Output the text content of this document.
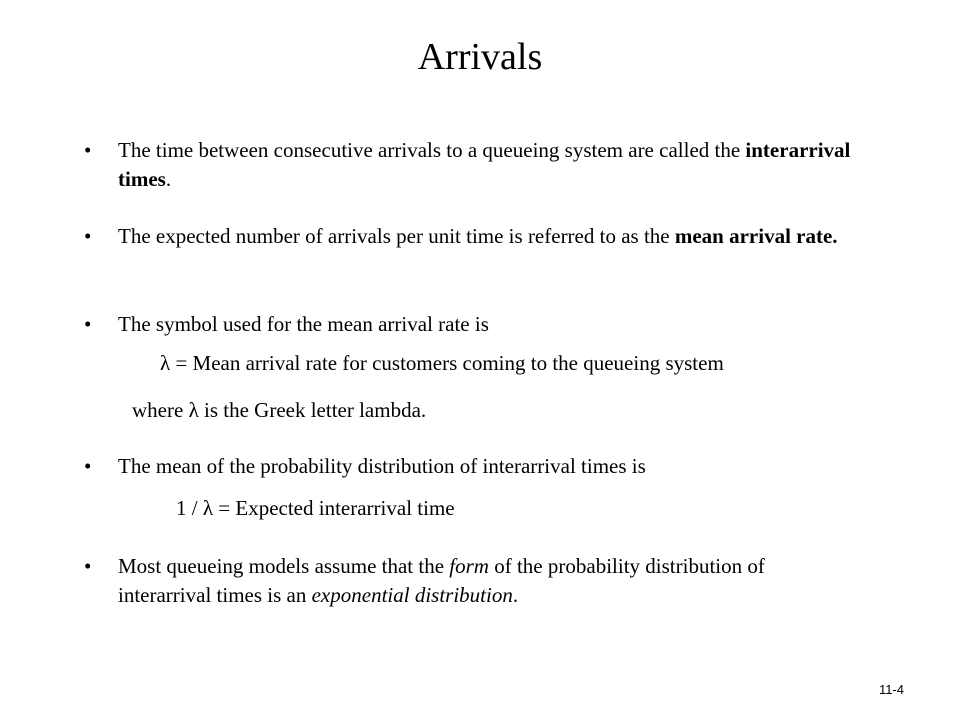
Arrivals
• The time between consecutive arrivals to a queueing system are called the interarrival times.
• The expected number of arrivals per unit time is referred to as the mean arrival rate.
• The symbol used for the mean arrival rate is
λ = Mean arrival rate for customers coming to the queueing system
where λ is the Greek letter lambda.
• The mean of the probability distribution of interarrival times is
1 / λ = Expected interarrival time
• Most queueing models assume that the form of the probability distribution of interarrival times is an exponential distribution.
11-4
